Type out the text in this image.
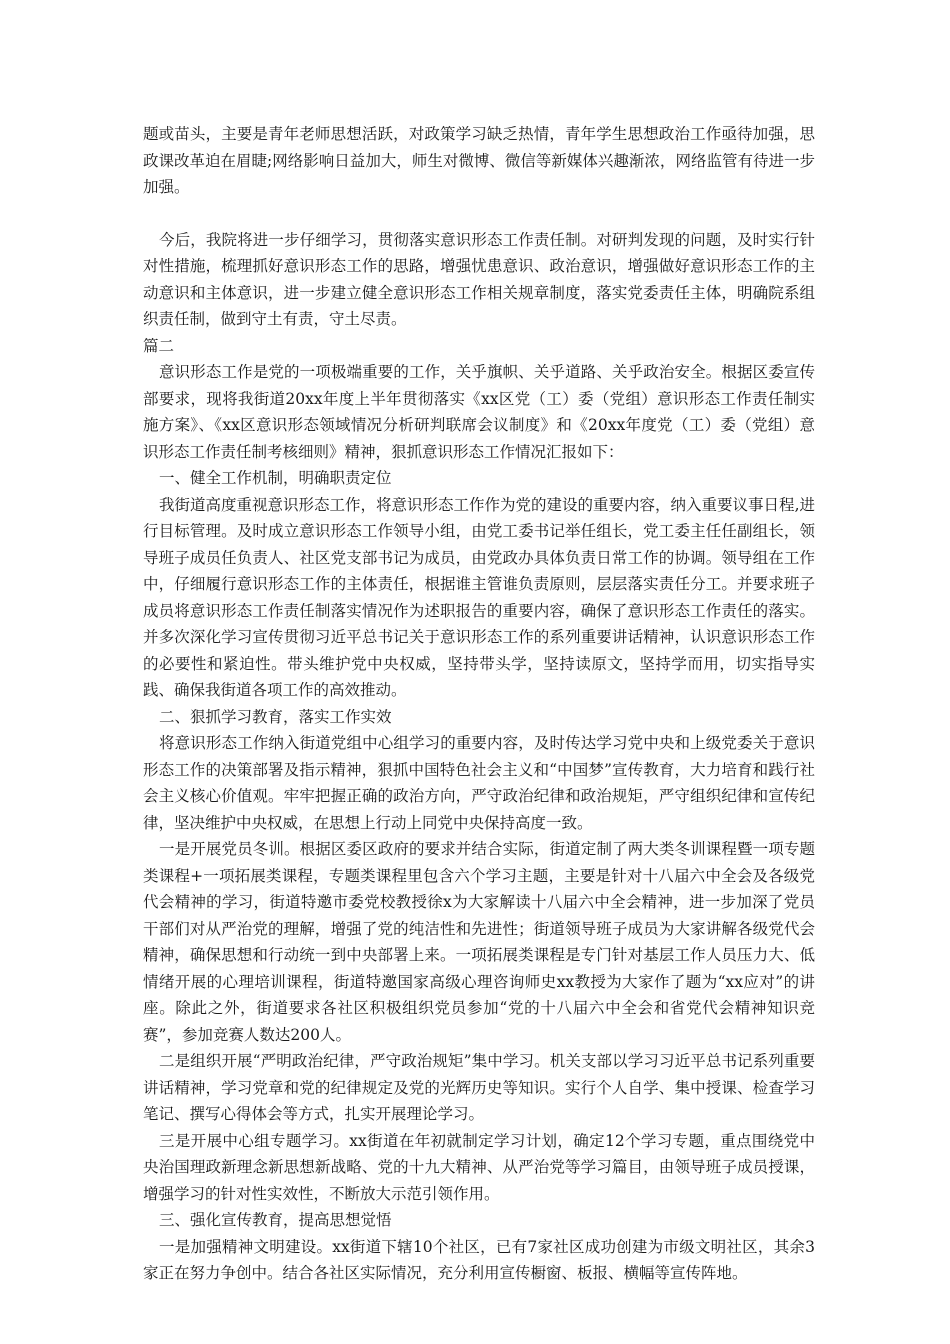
题或苗头，主要是青年老师思想活跃，对政策学习缺乏热情，青年学生思想政治工作亟待加强，思政课改革迫在眉睫;网络影响日益加大，师生对微博、微信等新媒体兴趣渐浓，网络监管有待进一步加强。

今后，我院将进一步仔细学习，贯彻落实意识形态工作责任制。对研判发现的问题，及时实行针对性措施，梳理抓好意识形态工作的思路，增强忧患意识、政治意识，增强做好意识形态工作的主动意识和主体意识，进一步建立健全意识形态工作相关规章制度，落实党委责任主体，明确院系组织责任制，做到守土有责，守土尽责。

篇二

意识形态工作是党的一项极端重要的工作，关乎旗帜、关乎道路、关乎政治安全。根据区委宣传部要求，现将我街道20xx年度上半年贯彻落实《xx区党（工）委（党组）意识形态工作责任制实施方案》、《xx区意识形态领域情况分析研判联席会议制度》和《20xx年度党（工）委（党组）意识形态工作责任制考核细则》精神，狠抓意识形态工作情况汇报如下：

一、健全工作机制，明确职责定位

我街道高度重视意识形态工作，将意识形态工作作为党的建设的重要内容，纳入重要议事日程,进行目标管理。及时成立意识形态工作领导小组，由党工委书记举任组长，党工委主任任副组长，领导班子成员任负责人、社区党支部书记为成员，由党政办具体负责日常工作的协调。领导组在工作中，仔细履行意识形态工作的主体责任，根据谁主管谁负责原则，层层落实责任分工。并要求班子成员将意识形态工作责任制落实情况作为述职报告的重要内容，确保了意识形态工作责任的落实。并多次深化学习宣传贯彻习近平总书记关于意识形态工作的系列重要讲话精神，认识意识形态工作的必要性和紧迫性。带头维护党中央权威，坚持带头学，坚持读原文，坚持学而用，切实指导实践、确保我街道各项工作的高效推动。

二、狠抓学习教育，落实工作实效

将意识形态工作纳入街道党组中心组学习的重要内容，及时传达学习党中央和上级党委关于意识形态工作的决策部署及指示精神，狠抓中国特色社会主义和“中国梦”宣传教育，大力培育和践行社会主义核心价值观。牢牢把握正确的政治方向，严守政治纪律和政治规矩，严守组织纪律和宣传纪律，坚决维护中央权威，在思想上行动上同党中央保持高度一致。

一是开展党员冬训。根据区委区政府的要求并结合实际，街道定制了两大类冬训课程暨一项专题类课程+一项拓展类课程，专题类课程里包含六个学习主题，主要是针对十八届六中全会及各级党代会精神的学习，街道特邀市委党校教授徐x为大家解读十八届六中全会精神，进一步加深了党员干部们对从严治党的理解，增强了党的纯洁性和先进性；街道领导班子成员为大家讲解各级党代会精神，确保思想和行动统一到中央部署上来。一项拓展类课程是专门针对基层工作人员压力大、低情绪开展的心理培训课程，街道特邀国家高级心理咨询师史xx教授为大家作了题为“xx应对”的讲座。除此之外，街道要求各社区积极组织党员参加“党的十八届六中全会和省党代会精神知识竞赛”，参加竞赛人数达200人。

二是组织开展“严明政治纪律，严守政治规矩”集中学习。机关支部以学习习近平总书记系列重要讲话精神，学习党章和党的纪律规定及党的光辉历史等知识。实行个人自学、集中授课、检查学习笔记、撰写心得体会等方式，扎实开展理论学习。

三是开展中心组专题学习。xx街道在年初就制定学习计划，确定12个学习专题，重点围绕党中央治国理政新理念新思想新战略、党的十九大精神、从严治党等学习篇目，由领导班子成员授课，增强学习的针对性实效性，不断放大示范引领作用。

三、强化宣传教育，提高思想觉悟

一是加强精神文明建设。xx街道下辖10个社区，已有7家社区成功创建为市级文明社区，其余3家正在努力争创中。结合各社区实际情况，充分利用宣传橱窗、板报、横幅等宣传阵地。
